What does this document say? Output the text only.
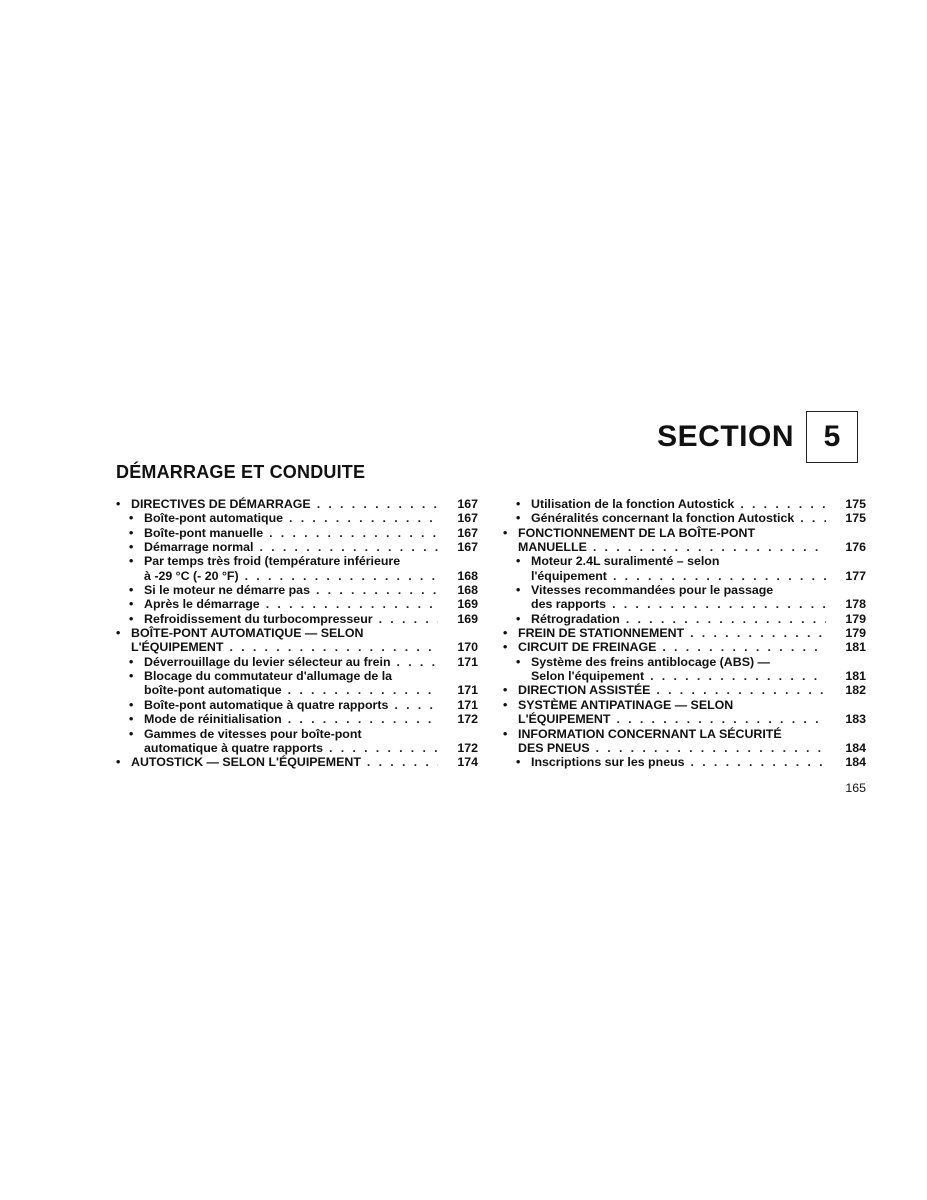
SECTION 5
DÉMARRAGE ET CONDUITE
• DIRECTIVES DE DÉMARRAGE . . .	167
• Boîte-pont automatique . . .	167
• Boîte-pont manuelle . . .	167
• Démarrage normal . . .	167
• Par temps très froid (température inférieure
à -29 °C (- 20 °F) . . .	168
• Si le moteur ne démarre pas . . .	168
• Après le démarrage . . .	169
• Refroidissement du turbocompresseur . . .	169
• BOÎTE-PONT AUTOMATIQUE — SELON
L'ÉQUIPEMENT . . .	170
• Déverrouillage du levier sélecteur au frein . . .	171
• Blocage du commutateur d'allumage de la
boîte-pont automatique . . .	171
• Boîte-pont automatique à quatre rapports . . .	171
• Mode de réinitialisation . . .	172
• Gammes de vitesses pour boîte-pont
automatique à quatre rapports . . .	172
• AUTOSTICK — SELON L'ÉQUIPEMENT . . .	174
• Utilisation de la fonction Autostick . . .	175
• Généralités concernant la fonction Autostick . . .	175
• FONCTIONNEMENT DE LA BOÎTE-PONT
MANUELLE . . .	176
• Moteur 2.4L suralimenté – selon
l'équipement . . .	177
• Vitesses recommandées pour le passage
des rapports . . .	178
• Rétrogradation . . .	179
• FREIN DE STATIONNEMENT . . .	179
• CIRCUIT DE FREINAGE . . .	181
• Système des freins antiblocage (ABS) —
Selon l'équipement . . .	181
• DIRECTION ASSISTÉE . . .	182
• SYSTÈME ANTIPATINAGE — SELON
L'ÉQUIPEMENT . . .	183
• INFORMATION CONCERNANT LA SÉCURITÉ
DES PNEUS . . .	184
• Inscriptions sur les pneus . . .	184

165
